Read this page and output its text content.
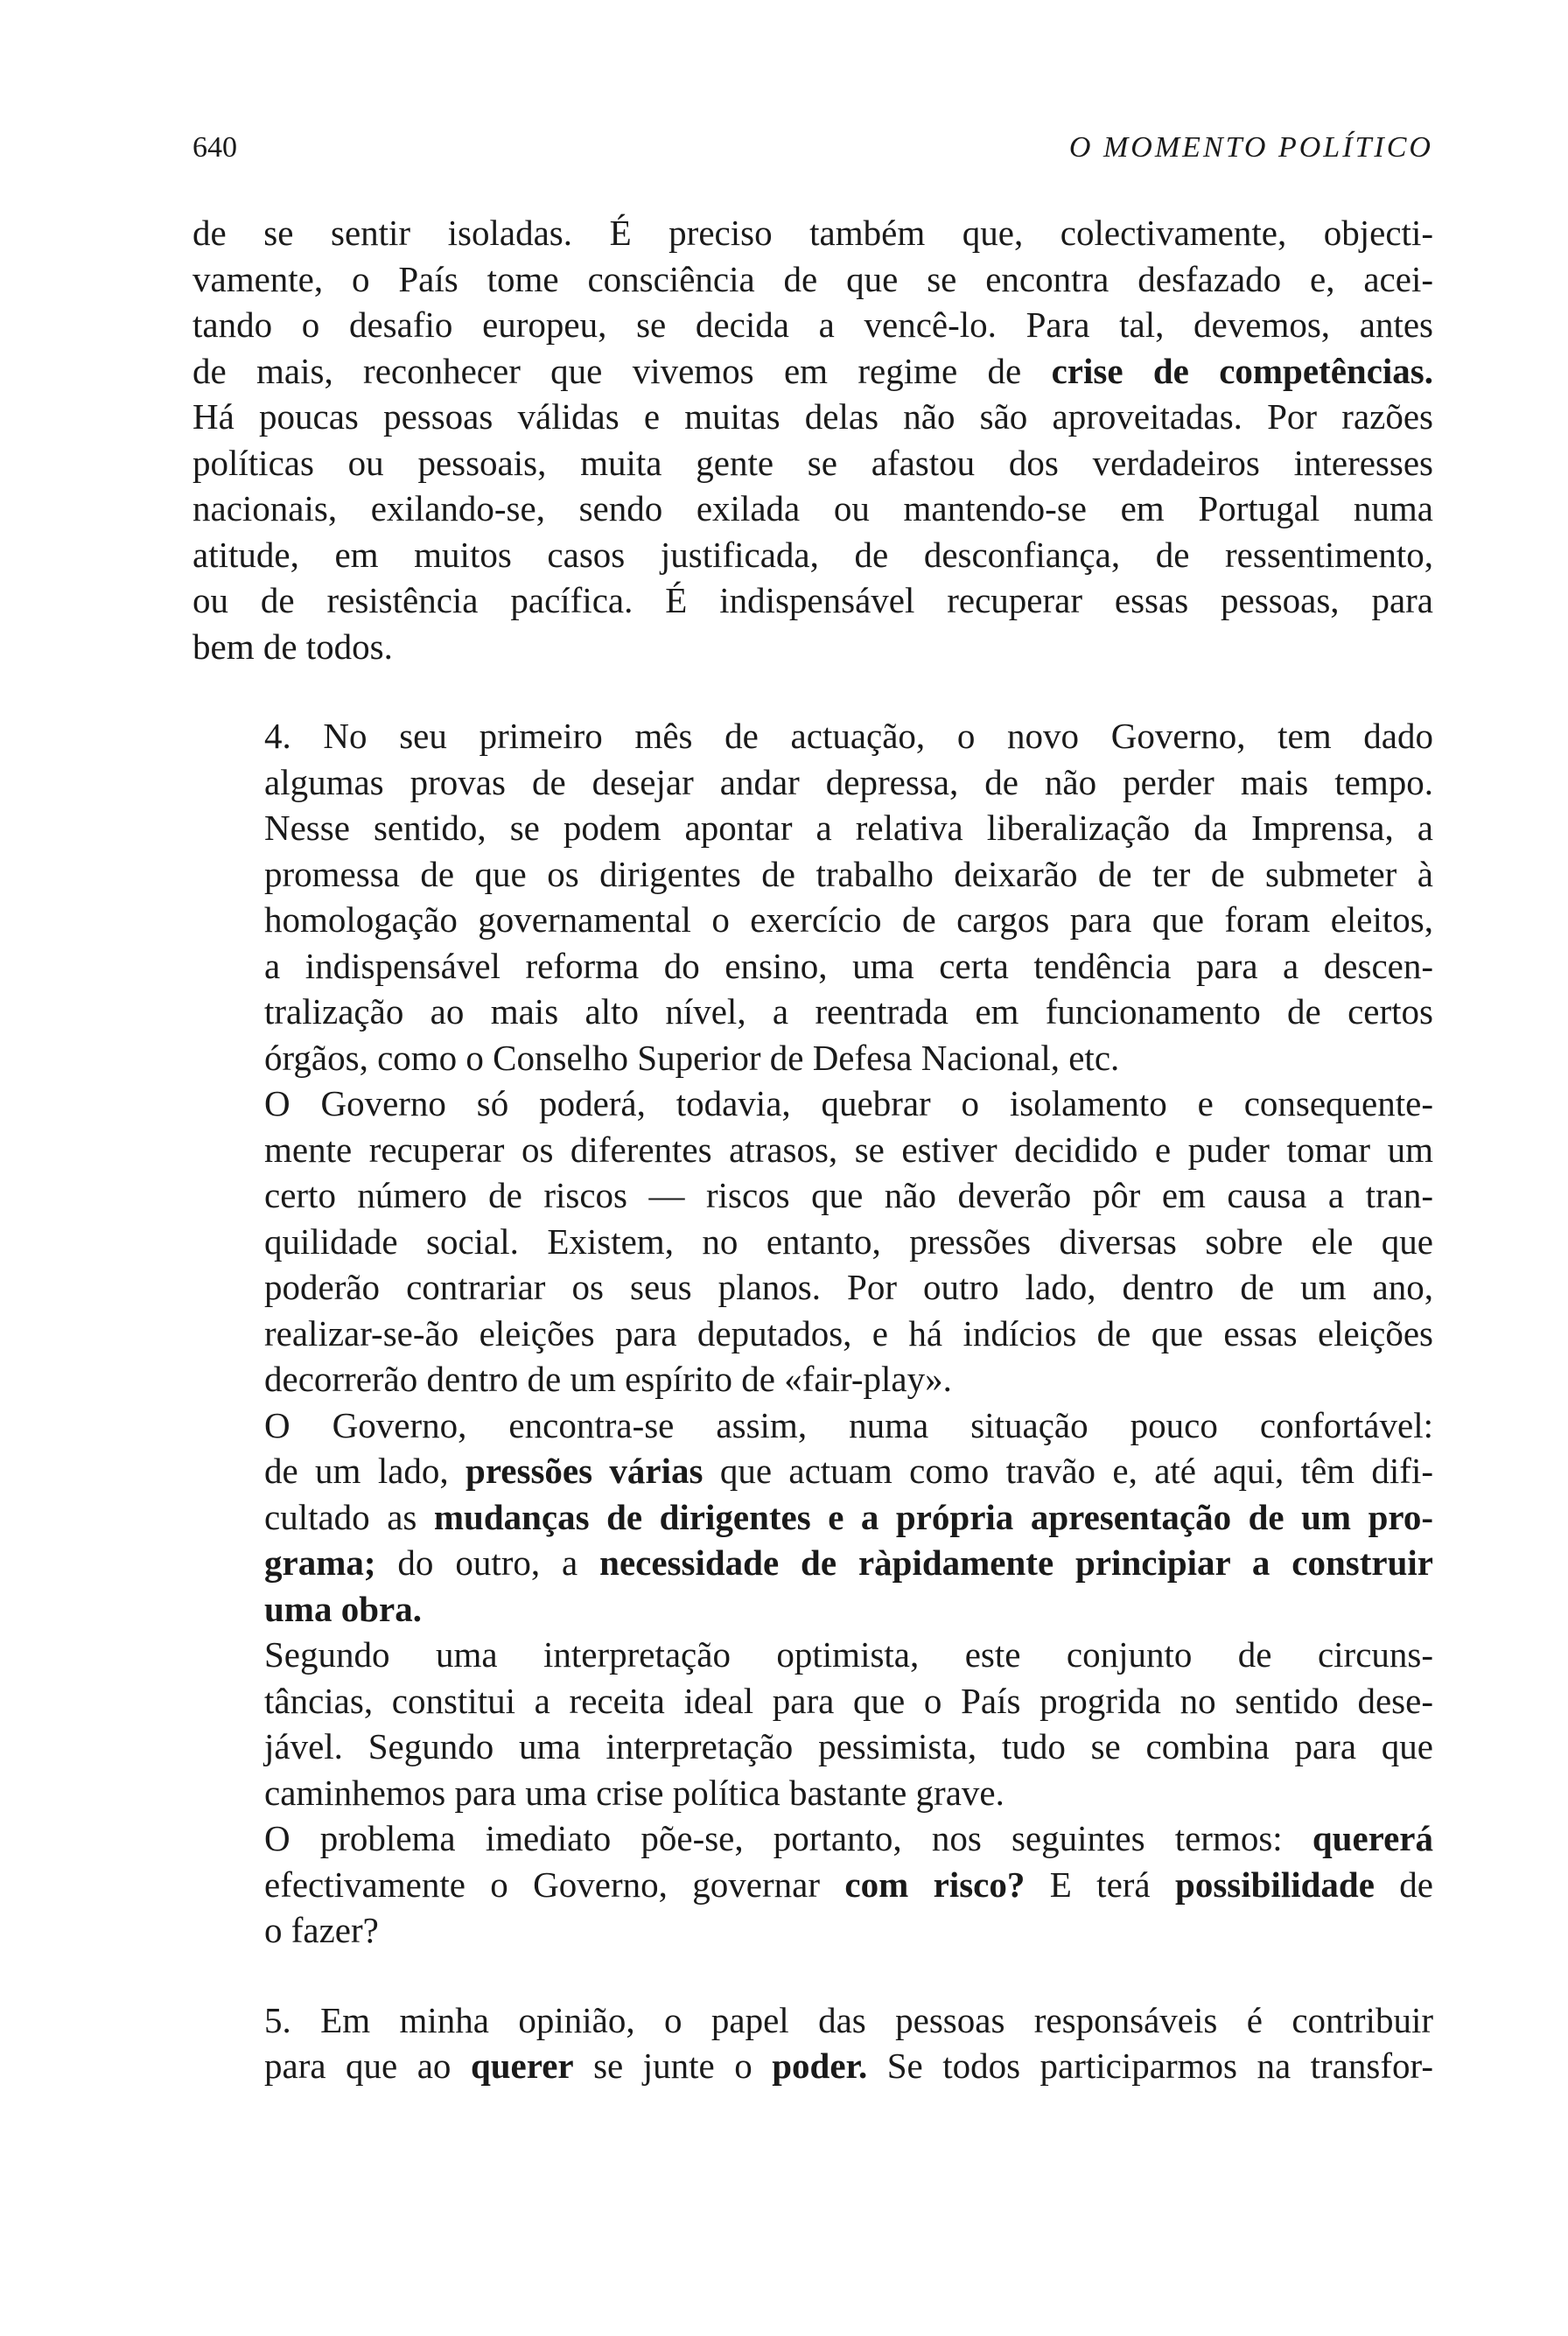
640	O MOMENTO POLÍTICO

de se sentir isoladas. É preciso também que, colectivamente, objecti-
vamente, o País tome consciência de que se encontra desfazado e, acei-
tando o desafio europeu, se decida a vencê-lo. Para tal, devemos, antes
de mais, reconhecer que vivemos em regime de crise de competências.
Há poucas pessoas válidas e muitas delas não são aproveitadas. Por razões
políticas ou pessoais, muita gente se afastou dos verdadeiros interesses
nacionais, exilando-se, sendo exilada ou mantendo-se em Portugal numa
atitude, em muitos casos justificada, de desconfiança, de ressentimento,
ou de resistência pacífica. É indispensável recuperar essas pessoas, para
bem de todos.

4. No seu primeiro mês de actuação, o novo Governo, tem dado
algumas provas de desejar andar depressa, de não perder mais tempo.
Nesse sentido, se podem apontar a relativa liberalização da Imprensa, a
promessa de que os dirigentes de trabalho deixarão de ter de submeter à
homologação governamental o exercício de cargos para que foram eleitos,
a indispensável reforma do ensino, uma certa tendência para a descen-
tralização ao mais alto nível, a reentrada em funcionamento de certos
órgãos, como o Conselho Superior de Defesa Nacional, etc.

O Governo só poderá, todavia, quebrar o isolamento e consequente-
mente recuperar os diferentes atrasos, se estiver decidido e puder tomar um
certo número de riscos — riscos que não deverão pôr em causa a tran-
quilidade social. Existem, no entanto, pressões diversas sobre ele que
poderão contrariar os seus planos. Por outro lado, dentro de um ano,
realizar-se-ão eleições para deputados, e há indícios de que essas eleições
decorrerão dentro de um espírito de «fair-play».

O Governo, encontra-se assim, numa situação pouco confortável:
de um lado, pressões várias que actuam como travão e, até aqui, têm difi-
cultado as mudanças de dirigentes e a própria apresentação de um pro-
grama; do outro, a necessidade de ràpidamente principiar a construir
uma obra.

Segundo uma interpretação optimista, este conjunto de circuns-
tâncias, constitui a receita ideal para que o País progrida no sentido dese-
jável. Segundo uma interpretação pessimista, tudo se combina para que
caminhemos para uma crise política bastante grave.

O problema imediato põe-se, portanto, nos seguintes termos: quererá
efectivamente o Governo, governar com risco? E terá possibilidade de
o fazer?

5. Em minha opinião, o papel das pessoas responsáveis é contribuir
para que ao querer se junte o poder. Se todos participarmos na transfor-
